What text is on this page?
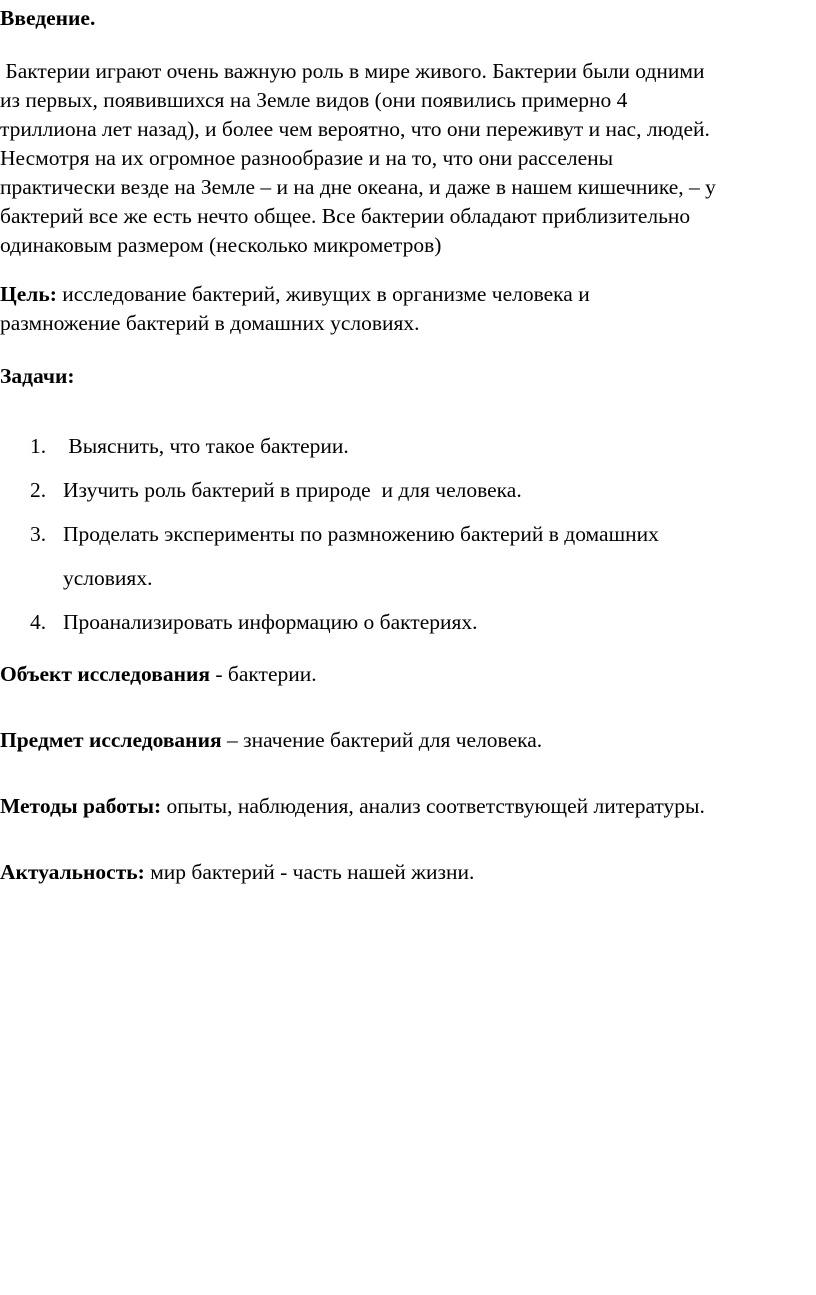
Введение.

Бактерии играют очень важную роль в мире живого. Бактерии были одними
из первых, появившихся на Земле видов (они появились примерно 4
триллиона лет назад), и более чем вероятно, что они переживут и нас, людей.
Несмотря на их огромное разнообразие и на то, что они расселены
практически везде на Земле – и на дне океана, и даже в нашем кишечнике, – у
бактерий все же есть нечто общее. Все бактерии обладают приблизительно
одинаковым размером (несколько микрометров)

Цель: исследование бактерий, живущих в организме человека и
размножение бактерий в домашних условиях.

Задачи:

1. Выяснить, что такое бактерии.
2. Изучить роль бактерий в природе  и для человека.
3. Проделать эксперименты по размножению бактерий в домашних
условиях.
4. Проанализировать информацию о бактериях.

Объект исследования - бактерии.

Предмет исследования – значение бактерий для человека.

Методы работы: опыты, наблюдения, анализ соответствующей литературы.

Актуальность: мир бактерий - часть нашей жизни.
